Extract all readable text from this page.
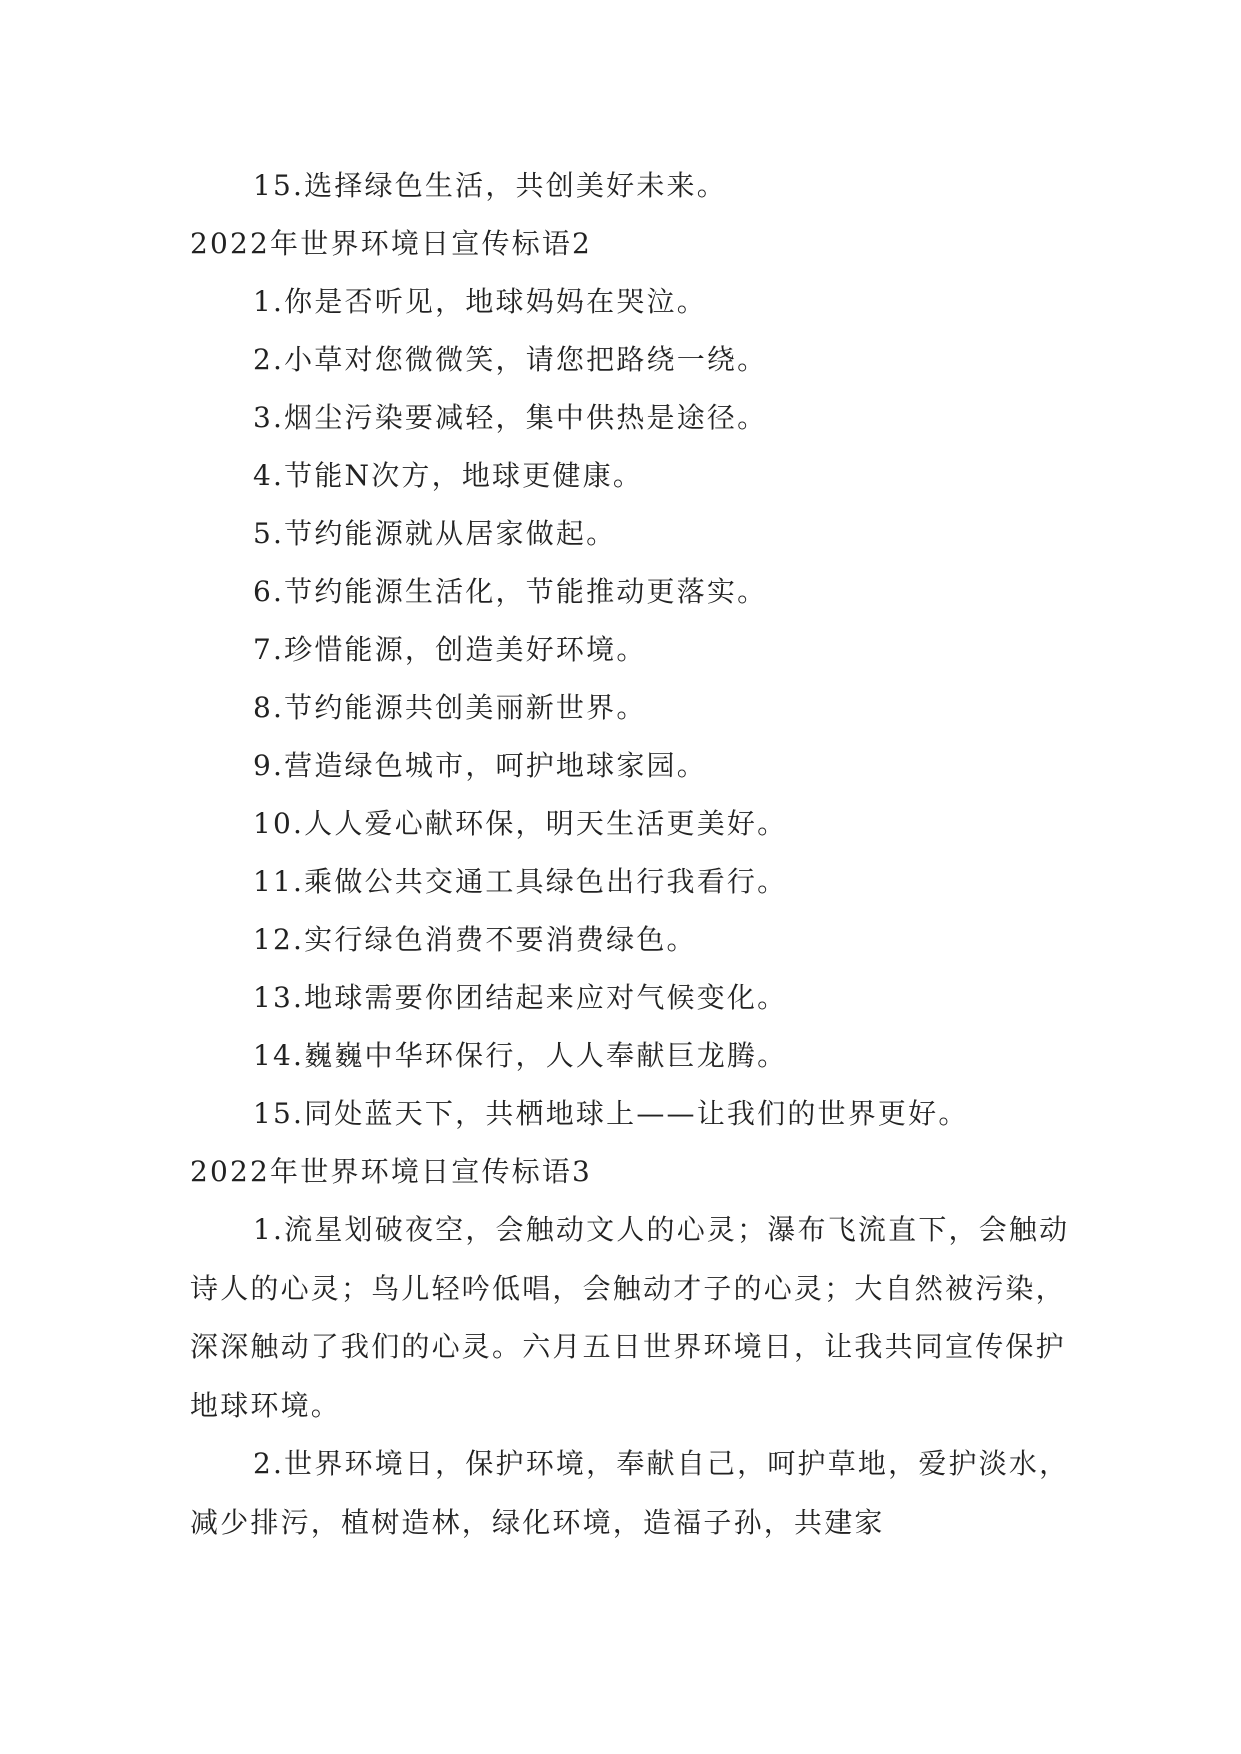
15.选择绿色生活，共创美好未来。
2022年世界环境日宣传标语2
1.你是否听见，地球妈妈在哭泣。
2.小草对您微微笑，请您把路绕一绕。
3.烟尘污染要减轻，集中供热是途径。
4.节能N次方，地球更健康。
5.节约能源就从居家做起。
6.节约能源生活化，节能推动更落实。
7.珍惜能源，创造美好环境。
8.节约能源共创美丽新世界。
9.营造绿色城市，呵护地球家园。
10.人人爱心献环保，明天生活更美好。
11.乘做公共交通工具绿色出行我看行。
12.实行绿色消费不要消费绿色。
13.地球需要你团结起来应对气候变化。
14.巍巍中华环保行，人人奉献巨龙腾。
15.同处蓝天下，共栖地球上——让我们的世界更好。
2022年世界环境日宣传标语3

1.流星划破夜空，会触动文人的心灵；瀑布飞流直下，会触动诗人的心灵；鸟儿轻吟低唱，会触动才子的心灵；大自然被污染，深深触动了我们的心灵。六月五日世界环境日，让我共同宣传保护地球环境。

2.世界环境日，保护环境，奉献自己，呵护草地，爱护淡水，减少排污，植树造林，绿化环境，造福子孙，共建家
